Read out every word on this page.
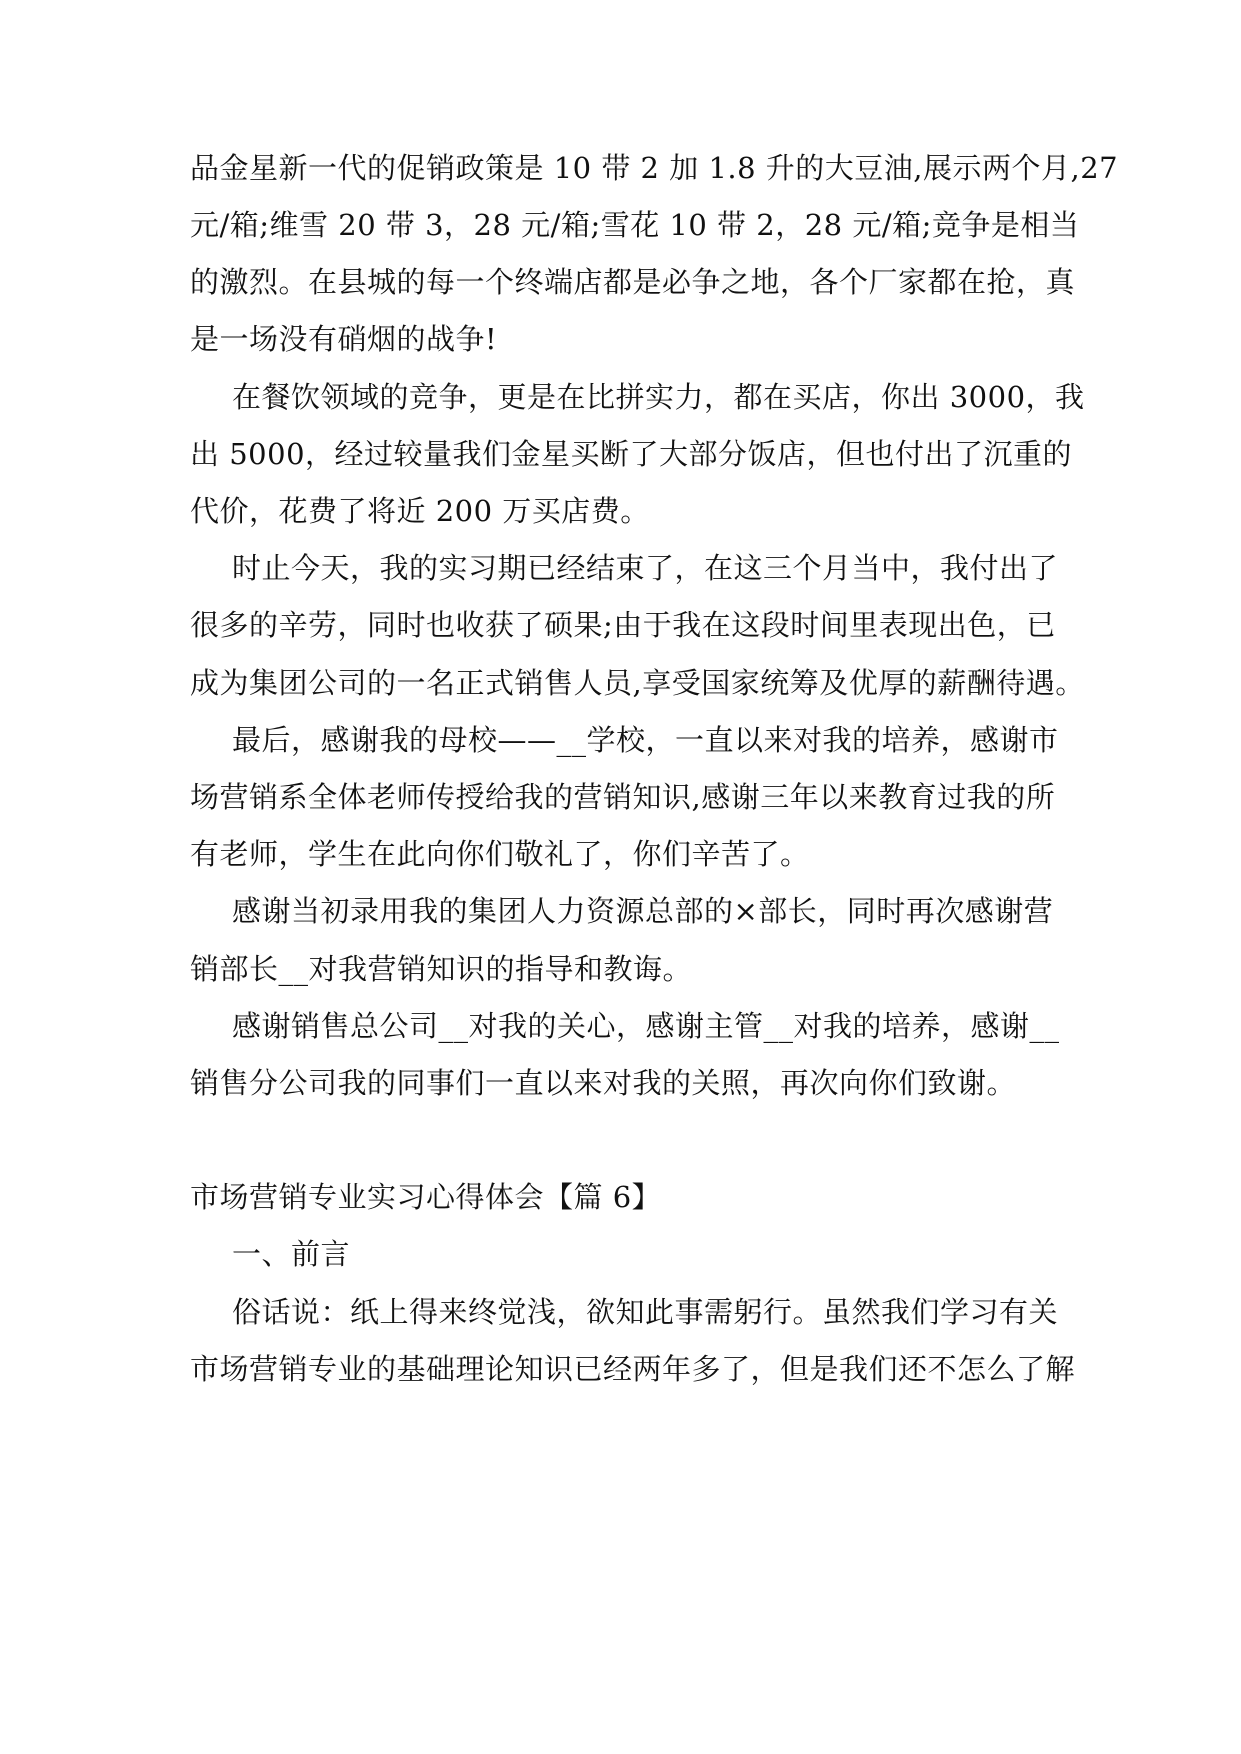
品金星新一代的促销政策是 10 带 2 加 1.8 升的大豆油,展示两个月,27
元/箱;维雪 20 带 3，28 元/箱;雪花 10 带 2，28 元/箱;竞争是相当
的激烈。在县城的每一个终端店都是必争之地，各个厂家都在抢，真
是一场没有硝烟的战争!
在餐饮领域的竞争，更是在比拼实力，都在买店，你出 3000，我
出 5000，经过较量我们金星买断了大部分饭店，但也付出了沉重的
代价，花费了将近 200 万买店费。
时止今天，我的实习期已经结束了，在这三个月当中，我付出了
很多的辛劳，同时也收获了硕果;由于我在这段时间里表现出色，已
成为集团公司的一名正式销售人员,享受国家统筹及优厚的薪酬待遇。
最后，感谢我的母校——__学校，一直以来对我的培养，感谢市
场营销系全体老师传授给我的营销知识,感谢三年以来教育过我的所
有老师，学生在此向你们敬礼了，你们辛苦了。
感谢当初录用我的集团人力资源总部的×部长，同时再次感谢营
销部长__对我营销知识的指导和教诲。
感谢销售总公司__对我的关心，感谢主管__对我的培养，感谢__
销售分公司我的同事们一直以来对我的关照，再次向你们致谢。
市场营销专业实习心得体会【篇 6】
一、前言
俗话说：纸上得来终觉浅，欲知此事需躬行。虽然我们学习有关
市场营销专业的基础理论知识已经两年多了，但是我们还不怎么了解
